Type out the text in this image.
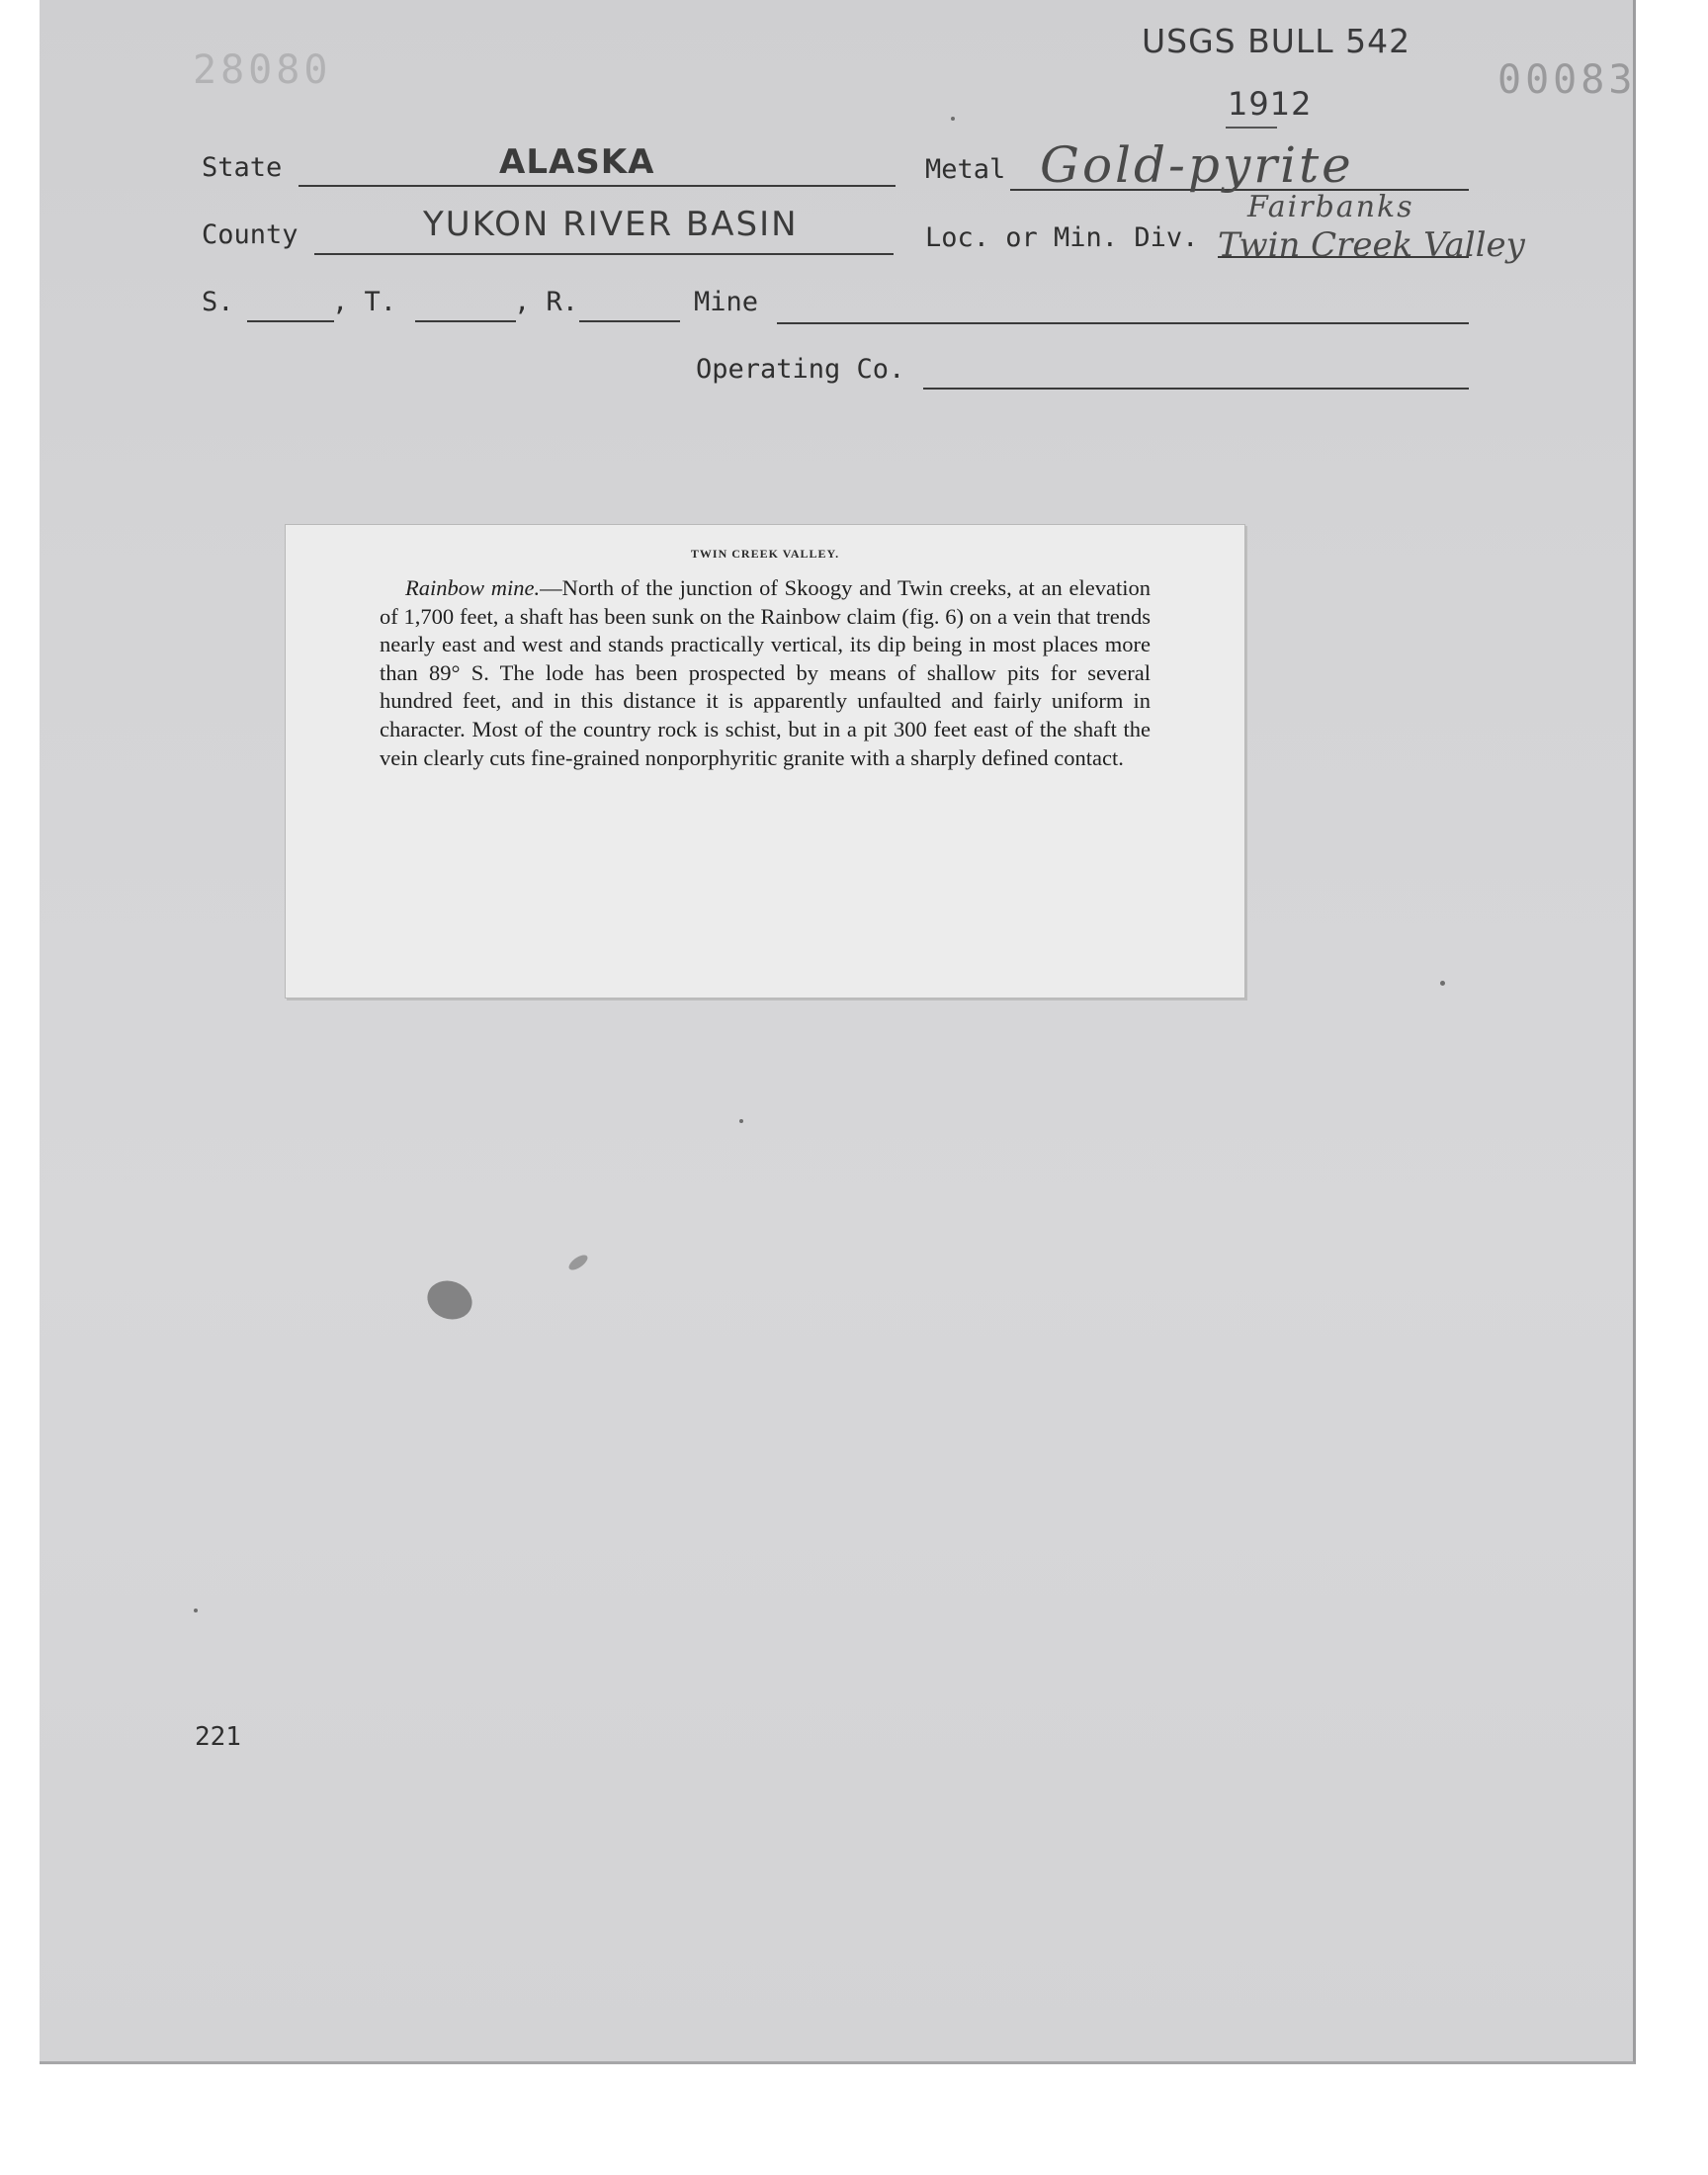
28080	00083
USGS BULL 542
1912
State	ALASKA	Metal Gold-pyrite
County	YUKON RIVER BASIN	Loc. or Min. Div.
Fairbanks
Twin Creek Valley
S.	, T.	, R.	Mine
Operating Co.
TWIN CREEK VALLEY.
Rainbow mine.—North of the junction of Skoogy and Twin creeks, at an elevation of 1,700 feet, a shaft has been sunk on the Rainbow claim (fig. 6) on a vein that trends nearly east and west and stands practically vertical, its dip being in most places more than 89° S. The lode has been prospected by means of shallow pits for several hundred feet, and in this distance it is apparently unfaulted and fairly uniform in character. Most of the country rock is schist, but in a pit 300 feet east of the shaft the vein clearly cuts fine-grained nonporphyritic granite with a sharply defined contact.
221
